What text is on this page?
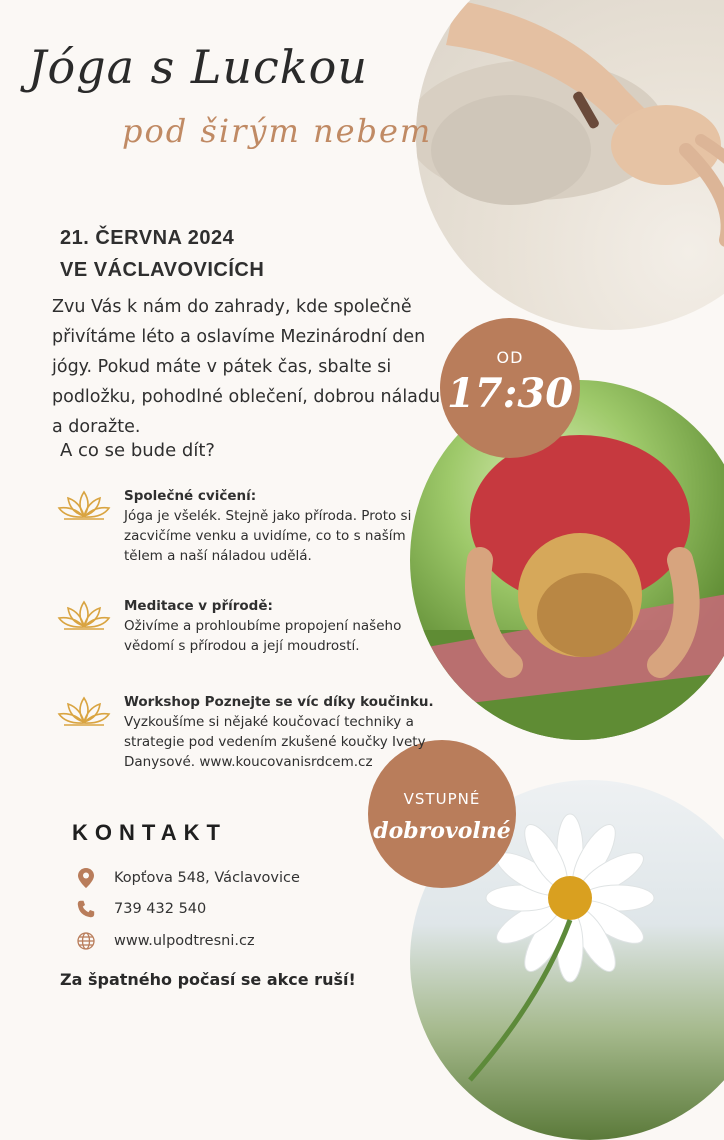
OD
17:30
VSTUPNÉ
dobrovolné
Jóga s Luckou
pod širým nebem
21. ČERVNA 2024
VE VÁCLAVOVICÍCH
Zvu Vás k nám do zahrady, kde společně přivítáme léto a oslavíme Mezinárodní den jógy. Pokud máte v pátek čas, sbalte si podložku, pohodlné oblečení, dobrou náladu a doražte.
A co se bude dít?
Společné cvičení:
Jóga je všelék. Stejně jako příroda. Proto si zacvičíme venku a uvidíme, co to s naším tělem a naší náladou udělá.
Meditace v přírodě:
Oživíme a prohloubíme propojení našeho vědomí s přírodou a její moudrostí.
Workshop Poznejte se víc díky koučinku.
Vyzkoušíme si nějaké koučovací techniky a strategie pod vedením zkušené koučky Ivety Danysové. www.koucovanisrdcem.cz
KONTAKT
Kopťova 548, Václavovice
739 432 540
www.ulpodtresni.cz
Za špatného počasí se akce ruší!
